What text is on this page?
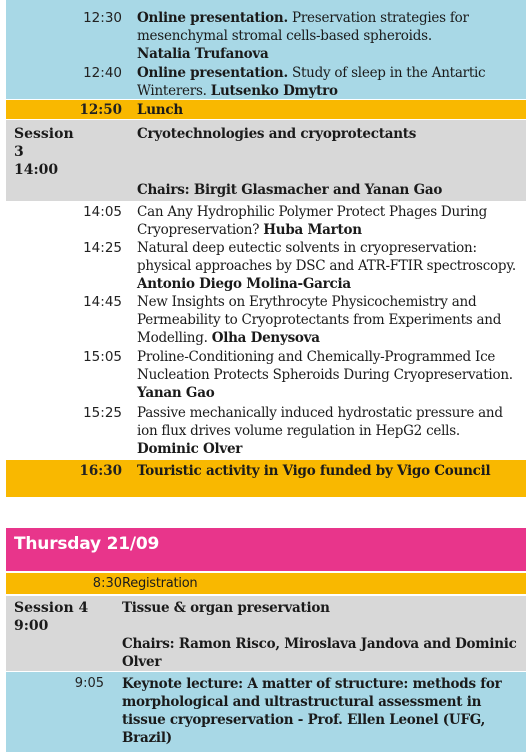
12:30 Online presentation. Preservation strategies for mesenchymal stromal cells-based spheroids.
Natalia Trufanova
12:40 Online presentation. Study of sleep in the Antartic Winterers. Lutsenko Dmytro
12:50 Lunch
Session
3
14:00
Cryotechnologies and cryoprotectants
Chairs: Birgit Glasmacher and Yanan Gao
14:05 Can Any Hydrophilic Polymer Protect Phages During Cryopreservation? Huba Marton
14:25 Natural deep eutectic solvents in cryopreservation: physical approaches by DSC and ATR-FTIR spectroscopy. Antonio Diego Molina-Garcia
14:45 New Insights on Erythrocyte Physicochemistry and Permeability to Cryoprotectants from Experiments and Modelling. Olha Denysova
15:05 Proline-Conditioning and Chemically-Programmed Ice Nucleation Protects Spheroids During Cryopreservation. Yanan Gao
15:25 Passive mechanically induced hydrostatic pressure and ion flux drives volume regulation in HepG2 cells. Dominic Olver
16:30 Touristic activity in Vigo funded by Vigo Council
Thursday 21/09
8:30 Registration
Session 4
9:00
Tissue & organ preservation
Chairs: Ramon Risco, Miroslava Jandova and Dominic Olver
9:05 Keynote lecture: A matter of structure: methods for morphological and ultrastructural assessment in tissue cryopreservation - Prof. Ellen Leonel (UFG, Brazil)
